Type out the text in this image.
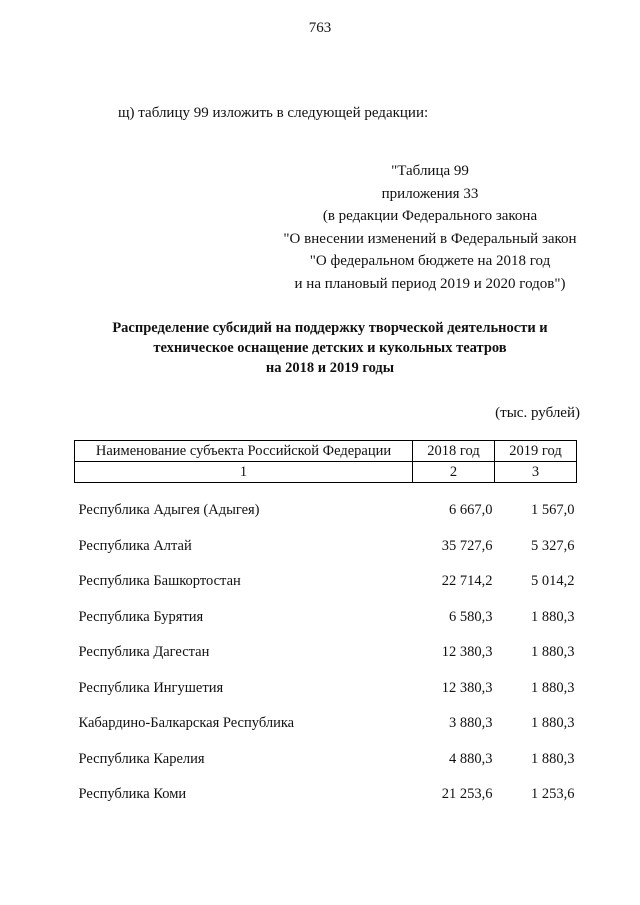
763
щ) таблицу 99 изложить в следующей редакции:
"Таблица 99
приложения 33
(в редакции Федерального закона
"О внесении изменений в Федеральный закон
"О федеральном бюджете на 2018 год
и на плановый период 2019 и 2020 годов")
Распределение субсидий на поддержку творческой деятельности и
техническое оснащение детских и кукольных театров
на 2018 и 2019 годы
(тыс. рублей)
Наименование субъекта Российской Федерации	2018 год	2019 год
1	2	3

Республика Адыгея (Адыгея)	6 667,0	1 567,0
Республика Алтай	35 727,6	5 327,6
Республика Башкортостан	22 714,2	5 014,2
Республика Бурятия	6 580,3	1 880,3
Республика Дагестан	12 380,3	1 880,3
Республика Ингушетия	12 380,3	1 880,3
Кабардино-Балкарская Республика	3 880,3	1 880,3
Республика Карелия	4 880,3	1 880,3
Республика Коми	21 253,6	1 253,6
